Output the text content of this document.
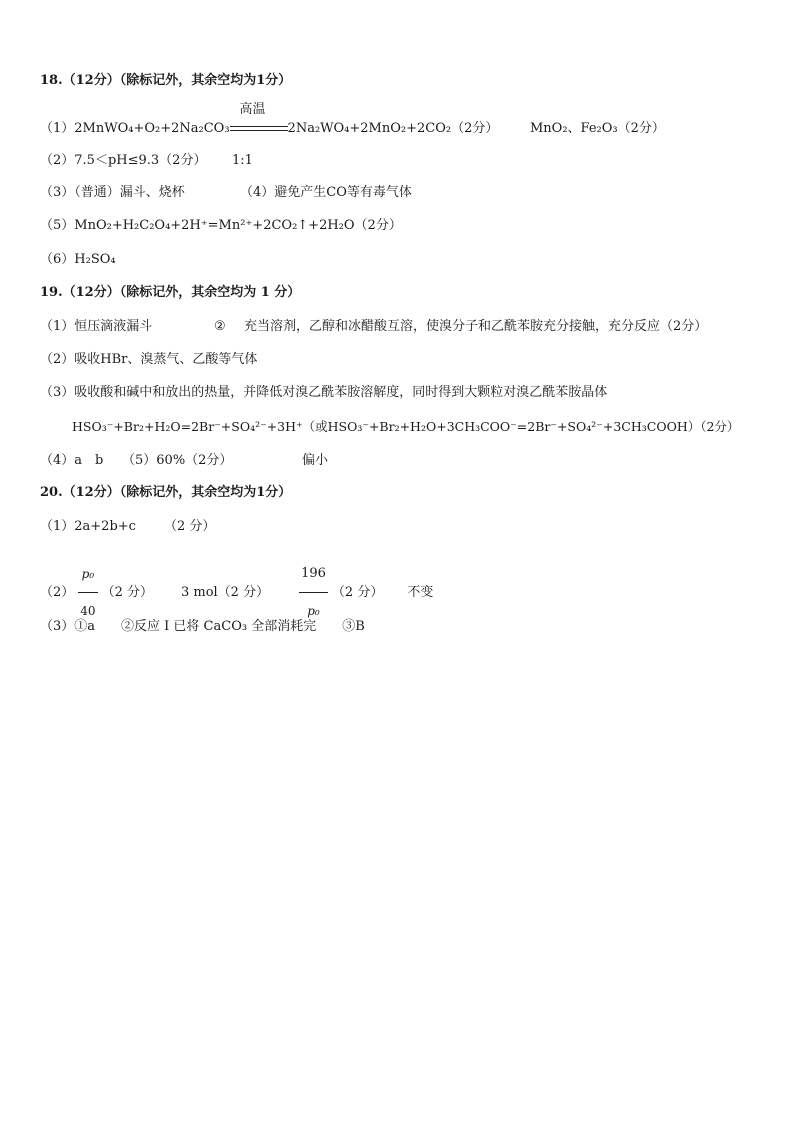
18.（12分）（除标记外，其余空均为1分）
（1）2MnWO₄+O₂+2Na₂CO₃
高温
2Na₂WO₄+2MnO₂+2CO₂（2分） MnO₂、Fe₂O₃（2分）
（2）7.5＜pH≤9.3（2分） 1:1
（3）（普通）漏斗、烧杯	（4）避免产生CO等有毒气体
（5）MnO₂+H₂C₂O₄+2H⁺=Mn²⁺+2CO₂↑+2H₂O（2分）
（6）H₂SO₄
19.（12分）（除标记外，其余空均为 1 分）
（1）恒压滴液漏斗	② 充当溶剂，乙醇和冰醋酸互溶，使溴分子和乙酰苯胺充分接触，充分反应（2分）
（2）吸收HBr、溴蒸气、乙酸等气体
（3）吸收酸和碱中和放出的热量，并降低对溴乙酰苯胺溶解度，同时得到大颗粒对溴乙酰苯胺晶体
HSO₃⁻+Br₂+H₂O=2Br⁻+SO₄²⁻+3H⁺（或HSO₃⁻+Br₂+H₂O+3CH₃COO⁻=2Br⁻+SO₄²⁻+3CH₃COOH）（2分）
（4）a　b （5）60%（2分）	偏小
20.（12分）（除标记外，其余空均为1分）
（1）2a+2b+c （2 分）
$(2) \frac{\text{p₀}}{40} (2$ 分） 3 mol（2 分） $\frac{196}{\text{p₀}} (2$ 分） 不变
（3）①a　　②反应 I 已将 CaCO₃ 全部消耗完　　③B
